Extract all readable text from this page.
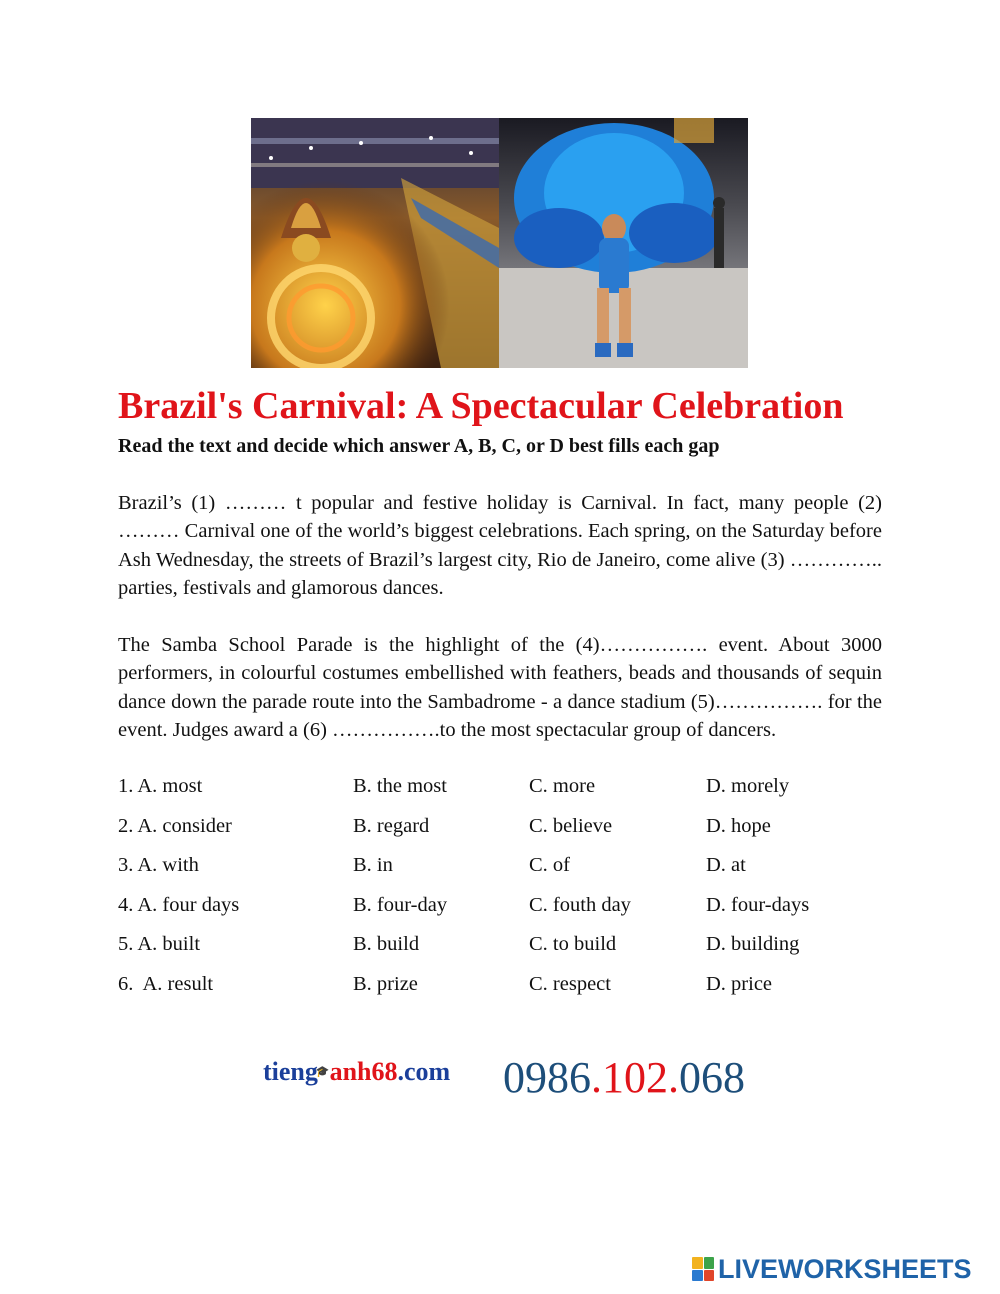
Brazil's Carnival: A Spectacular Celebration
Read the text and decide which answer A, B, C, or D best fills each gap

Brazil’s (1) ……… t popular and festive holiday is Carnival. In fact, many people (2) ……… Carnival one of the world’s biggest celebrations. Each spring, on the Saturday before Ash Wednesday, the streets of Brazil’s largest city, Rio de Janeiro, come alive (3) ………….. parties, festivals and glamorous dances.

The Samba School Parade is the highlight of the (4)……………. event. About 3000 performers, in colourful costumes embellished with feathers, beads and thousands of sequin dance down the parade route into the Sambadrome - a dance stadium (5)……………. for the event. Judges award a (6) …………….to the most spectacular group of dancers.

1. A. most	B. the most	C. more	D. morely
2. A. consider	B. regard	C. believe	D. hope
3. A. with	B. in	C. of	D. at
4. A. four days	B. four-day	C. fouth day	D. four-days
5. A. built	B. build	C. to build	D. building
6.  A. result	B. prize	C. respect	D. price
tieng🎓anh68.com 0986.102.068
LIVEWORKSHEETS
